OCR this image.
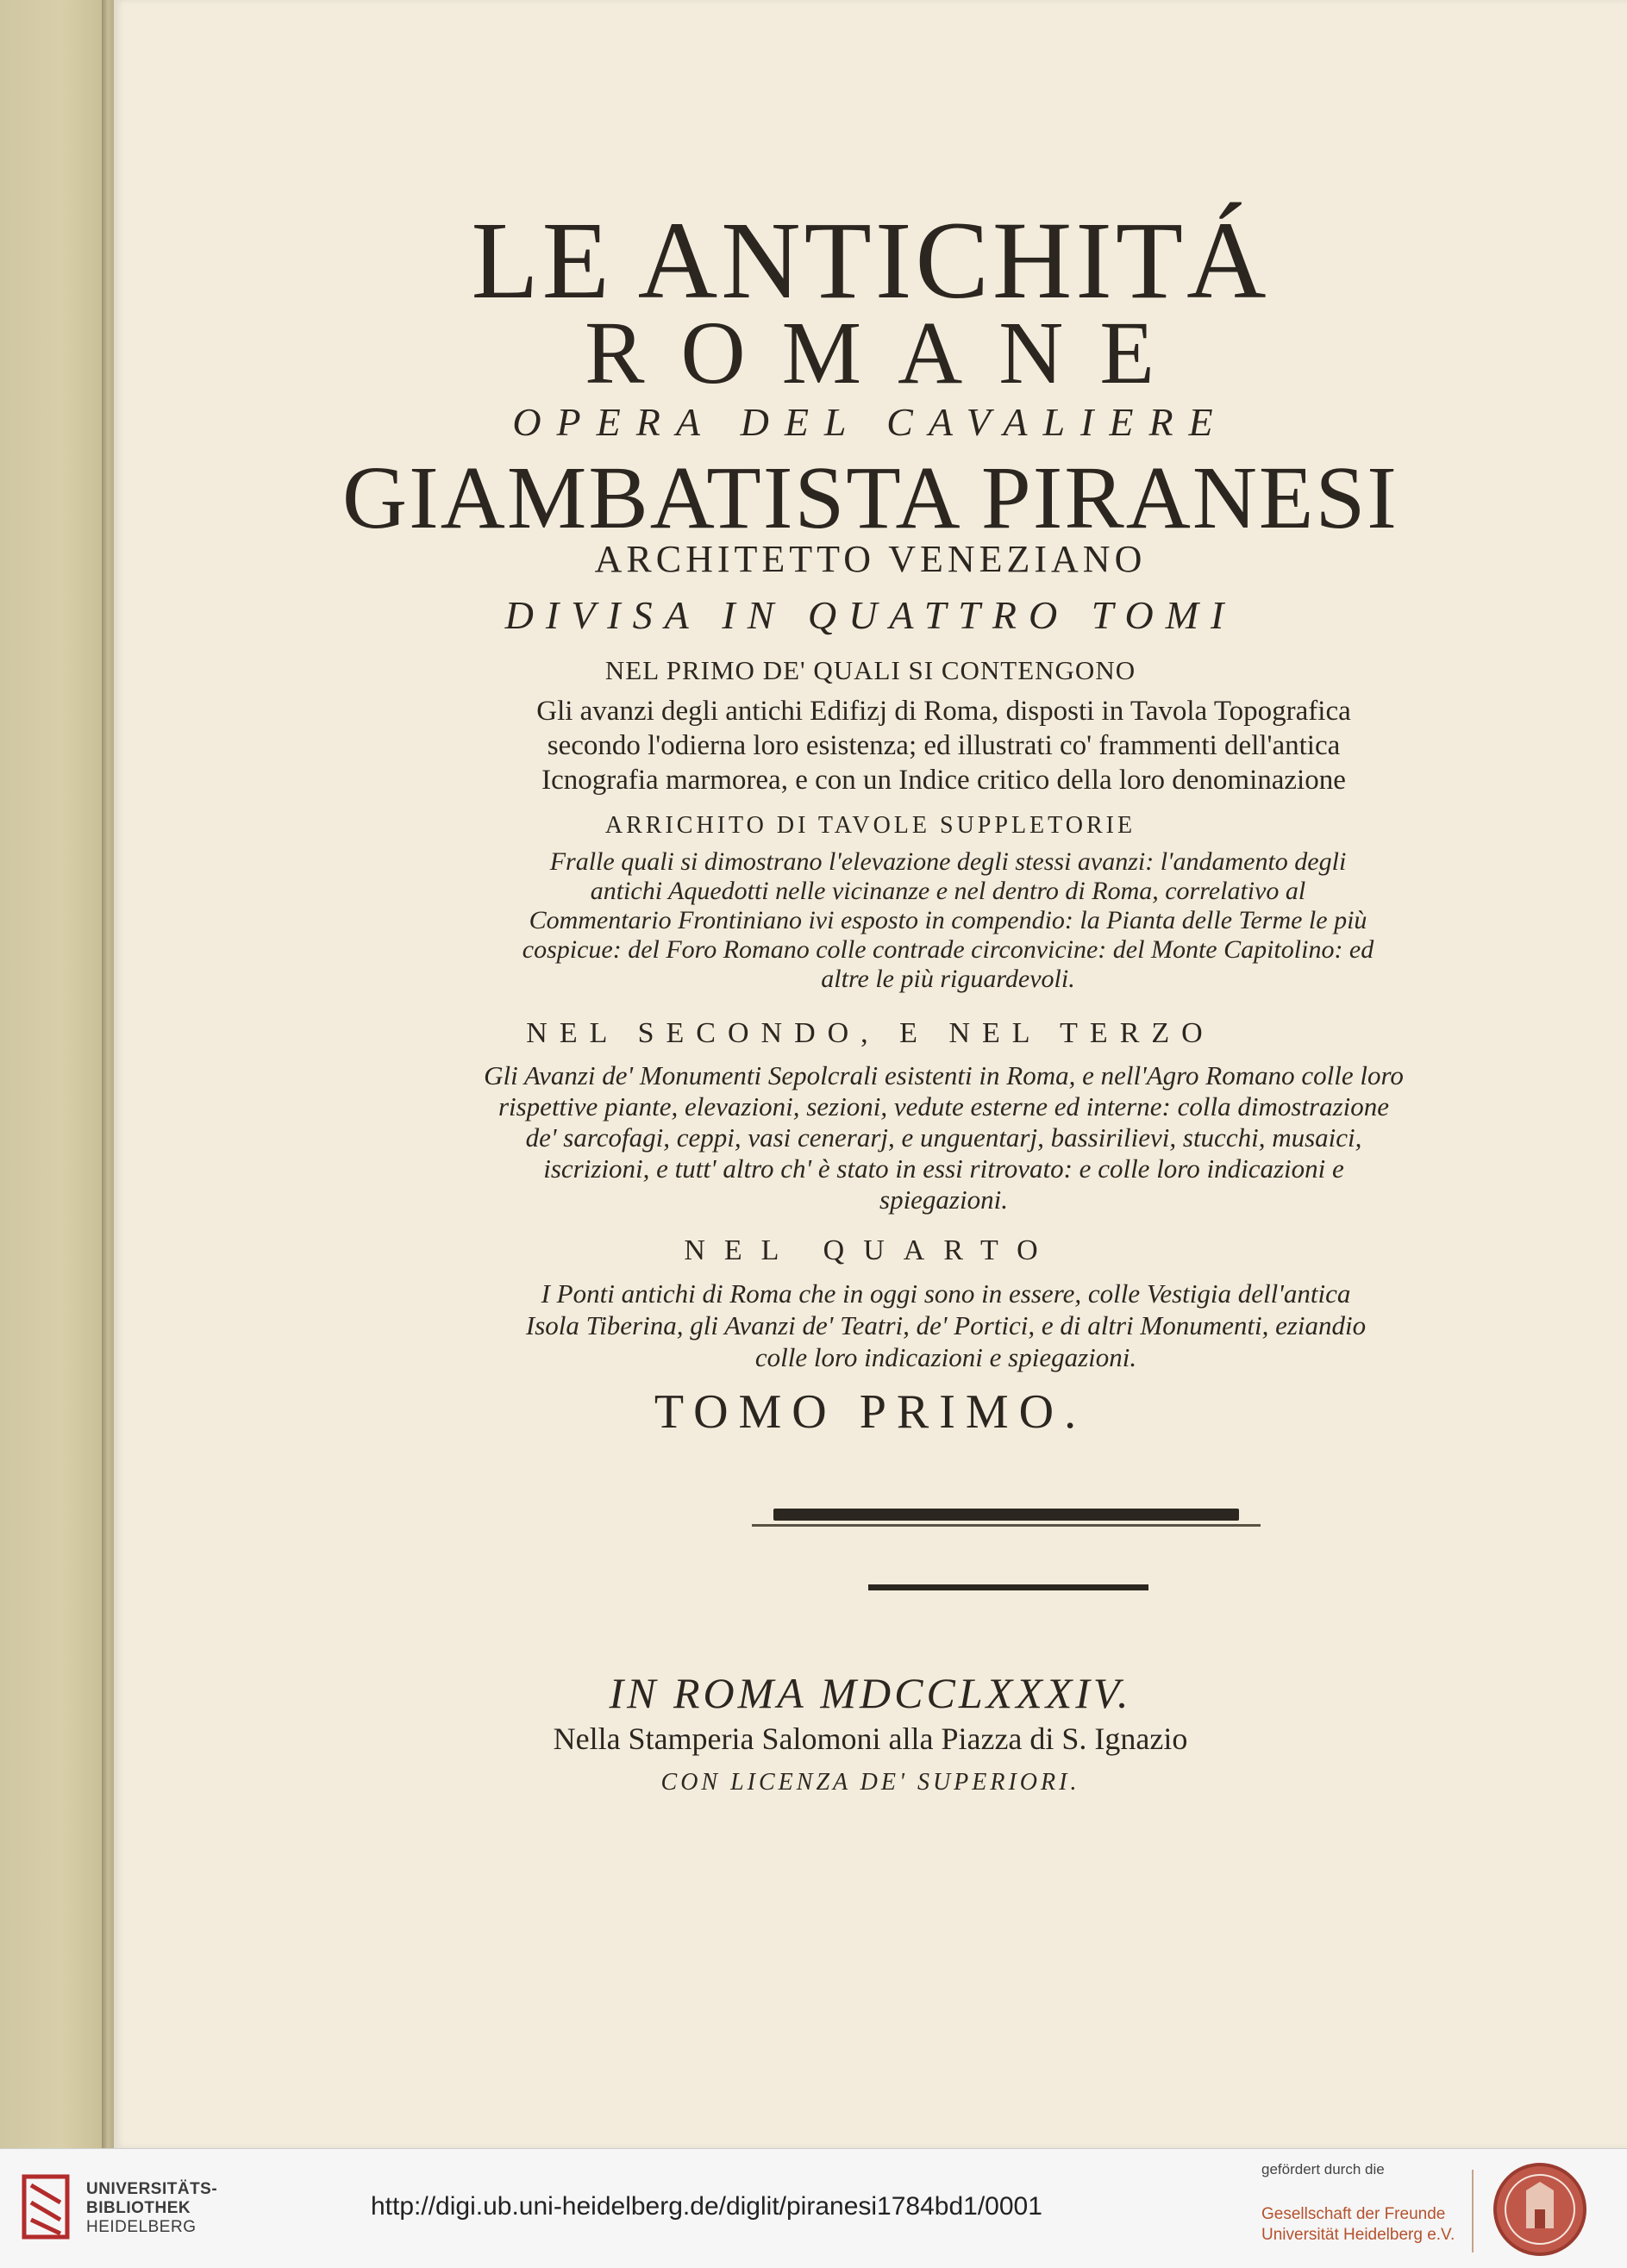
LE ANTICHITÁ
ROMANE
OPERA DEL CAVALIERE
GIAMBATISTA PIRANESI
ARCHITETTO VENEZIANO
DIVISA IN QUATTRO TOMI
NEL PRIMO DE' QUALI SI CONTENGONO
Gli avanzi degli antichi Edifizj di Roma, disposti in Tavola Topografica secondo l'odierna loro esistenza; ed illustrati co' frammenti dell'antica Icnografia marmorea, e con un Indice critico della loro denominazione
ARRICHITO DI TAVOLE SUPPLETORIE
Fralle quali si dimostrano l'elevazione degli stessi avanzi: l'andamento degli antichi Aquedotti nelle vicinanze e nel dentro di Roma, correlativo al Commentario Frontiniano ivi esposto in compendio: la Pianta delle Terme le più cospicue: del Foro Romano colle contrade circonvicine: del Monte Capitolino: ed altre le più riguardevoli.
NEL SECONDO, E NEL TERZO
Gli Avanzi de' Monumenti Sepolcrali esistenti in Roma, e nell'Agro Romano colle loro rispettive piante, elevazioni, sezioni, vedute esterne ed interne: colla dimostrazione de' sarcofagi, ceppi, vasi cenerarj, e unguentarj, bassirilievi, stucchi, musaici, iscrizioni, e tutt' altro ch' è stato in essi ritrovato: e colle loro indicazioni e spiegazioni.
NEL QUARTO
I Ponti antichi di Roma che in oggi sono in essere, colle Vestigia dell'antica Isola Tiberina, gli Avanzi de' Teatri, de' Portici, e di altri Monumenti, eziandio colle loro indicazioni e spiegazioni.
TOMO PRIMO.
IN ROMA MDCCLXXXIV.
Nella Stamperia Salomoni alla Piazza di S. Ignazio
CON LICENZA DE' SUPERIORI.
UNIVERSITÄTS-
BIBLIOTHEK
HEIDELBERG
http://digi.ub.uni-heidelberg.de/diglit/piranesi1784bd1/0001
gefördert durch die
Gesellschaft der Freunde
Universität Heidelberg e.V.
